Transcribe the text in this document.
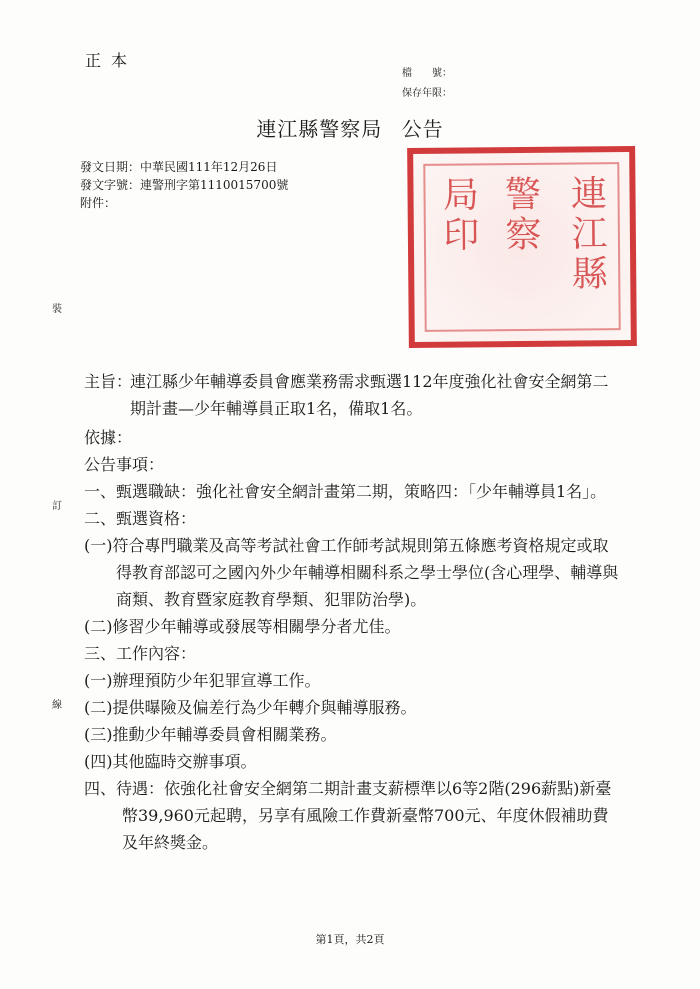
正本
檔　　號：
保存年限：
連江縣警察局 公告
發文日期：中華民國111年12月26日
發文字號：連警刑字第1110015700號
附件：	連江縣
警察
局印
裝
訂
線
主旨：
連江縣少年輔導委員會應業務需求甄選112年度強化社會安全網第二期計畫—少年輔導員正取1名，備取1名。

依據：

公告事項：

一、甄選職缺：強化社會安全網計畫第二期，策略四：「少年輔導員1名」。

二、甄選資格：

(一)符合專門職業及高等考試社會工作師考試規則第五條應考資格規定或取得教育部認可之國內外少年輔導相關科系之學士學位(含心理學、輔導與商類、教育暨家庭教育學類、犯罪防治學)。

(二)修習少年輔導或發展等相關學分者尤佳。

三、工作內容：

(一)辦理預防少年犯罪宣導工作。

(二)提供曝險及偏差行為少年轉介與輔導服務。

(三)推動少年輔導委員會相關業務。

(四)其他臨時交辦事項。

四、待遇：依強化社會安全網第二期計畫支薪標準以6等2階(296薪點)新臺幣39,960元起聘，另享有風險工作費新臺幣700元、年度休假補助費及年終獎金。

第1頁，共2頁
